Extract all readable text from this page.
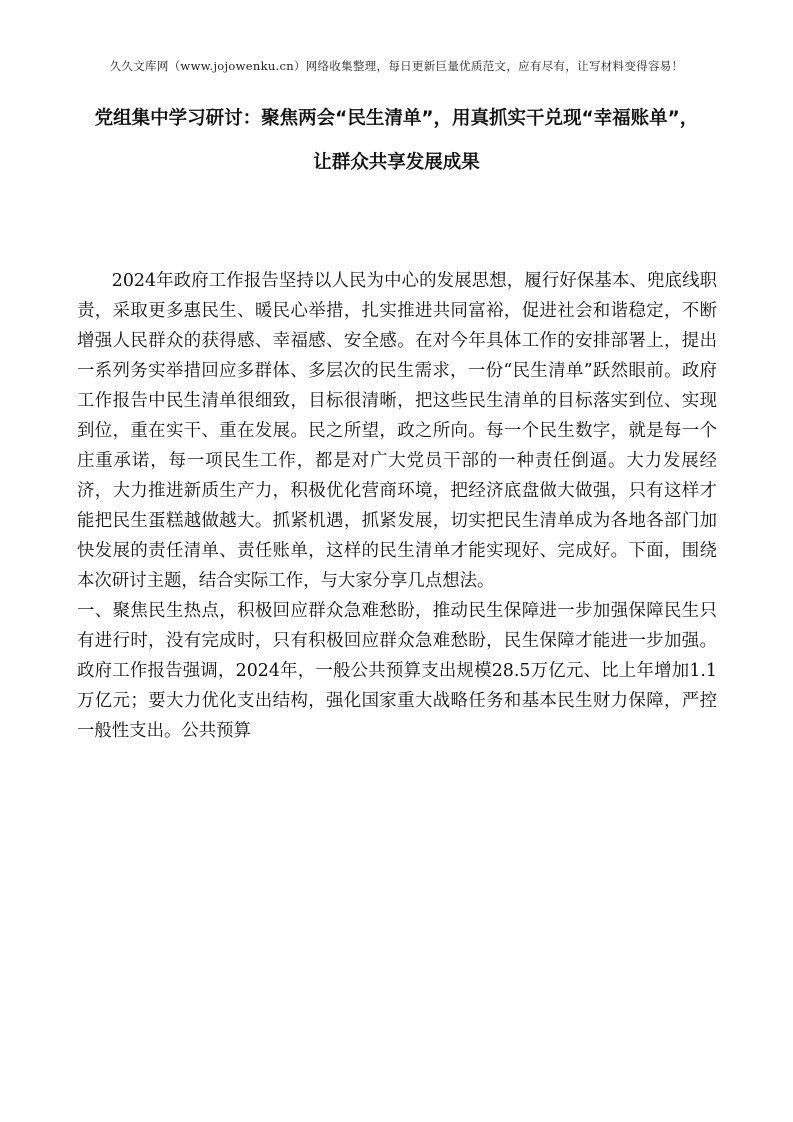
久久文库网（www.jojowenku.cn）网络收集整理，每日更新巨量优质范文，应有尽有，让写材料变得容易！
党组集中学习研讨：聚焦两会“民生清单”，用真抓实干兑现“幸福账单”，
让群众共享发展成果

2024年政府工作报告坚持以人民为中心的发展思想，履行好保基本、兜底线职责，采取更多惠民生、暖民心举措，扎实推进共同富裕，促进社会和谐稳定，不断增强人民群众的获得感、幸福感、安全感。在对今年具体工作的安排部署上，提出一系列务实举措回应多群体、多层次的民生需求，一份“民生清单”跃然眼前。政府工作报告中民生清单很细致，目标很清晰，把这些民生清单的目标落实到位、实现到位，重在实干、重在发展。民之所望，政之所向。每一个民生数字，就是每一个庄重承诺，每一项民生工作，都是对广大党员干部的一种责任倒逼。大力发展经济，大力推进新质生产力，积极优化营商环境，把经济底盘做大做强，只有这样才能把民生蛋糕越做越大。抓紧机遇，抓紧发展，切实把民生清单成为各地各部门加快发展的责任清单、责任账单，这样的民生清单才能实现好、完成好。下面，围绕本次研讨主题，结合实际工作，与大家分享几点想法。

一、聚焦民生热点，积极回应群众急难愁盼，推动民生保障进一步加强保障民生只有进行时，没有完成时，只有积极回应群众急难愁盼，民生保障才能进一步加强。政府工作报告强调，2024年，一般公共预算支出规模28.5万亿元、比上年增加1.1万亿元；要大力优化支出结构，强化国家重大战略任务和基本民生财力保障，严控一般性支出。公共预算
